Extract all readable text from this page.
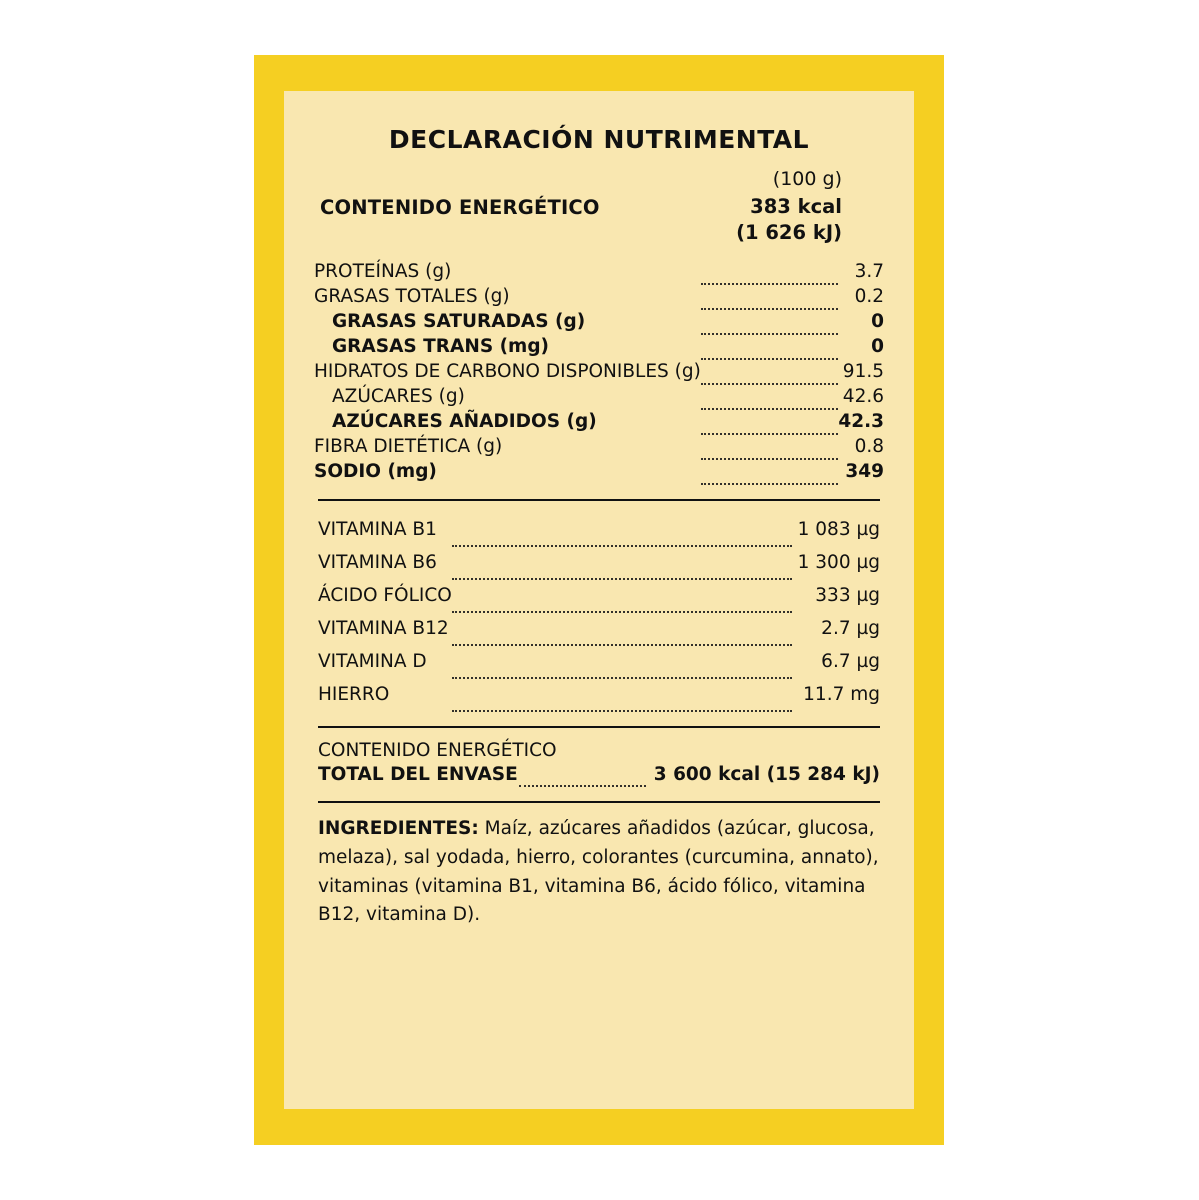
DECLARACIÓN NUTRIMENTAL
(100 g)
CONTENIDO ENERGÉTICO	383 kcal
(1 626 kJ)
PROTEÍNAS (g)		3.7
GRASAS TOTALES (g)		0.2
GRASAS SATURADAS (g)		0
GRASAS TRANS (mg)		0
HIDRATOS DE CARBONO DISPONIBLES (g)		91.5
AZÚCARES (g)		42.6
AZÚCARES AÑADIDOS (g)		42.3
FIBRA DIETÉTICA (g)		0.8
SODIO (mg)		349
VITAMINA B1		1 083 µg
VITAMINA B6		1 300 µg
ÁCIDO FÓLICO		333 µg
VITAMINA B12		2.7 µg
VITAMINA D		6.7 µg
HIERRO		11.7 mg
CONTENIDO ENERGÉTICO
TOTAL DEL ENVASE		3 600 kcal (15 284 kJ)
INGREDIENTES: Maíz, azúcares añadidos (azúcar, glucosa, melaza), sal yodada, hierro, colorantes (curcumina, annato), vitaminas (vitamina B1, vitamina B6, ácido fólico, vitamina B12, vitamina D).
